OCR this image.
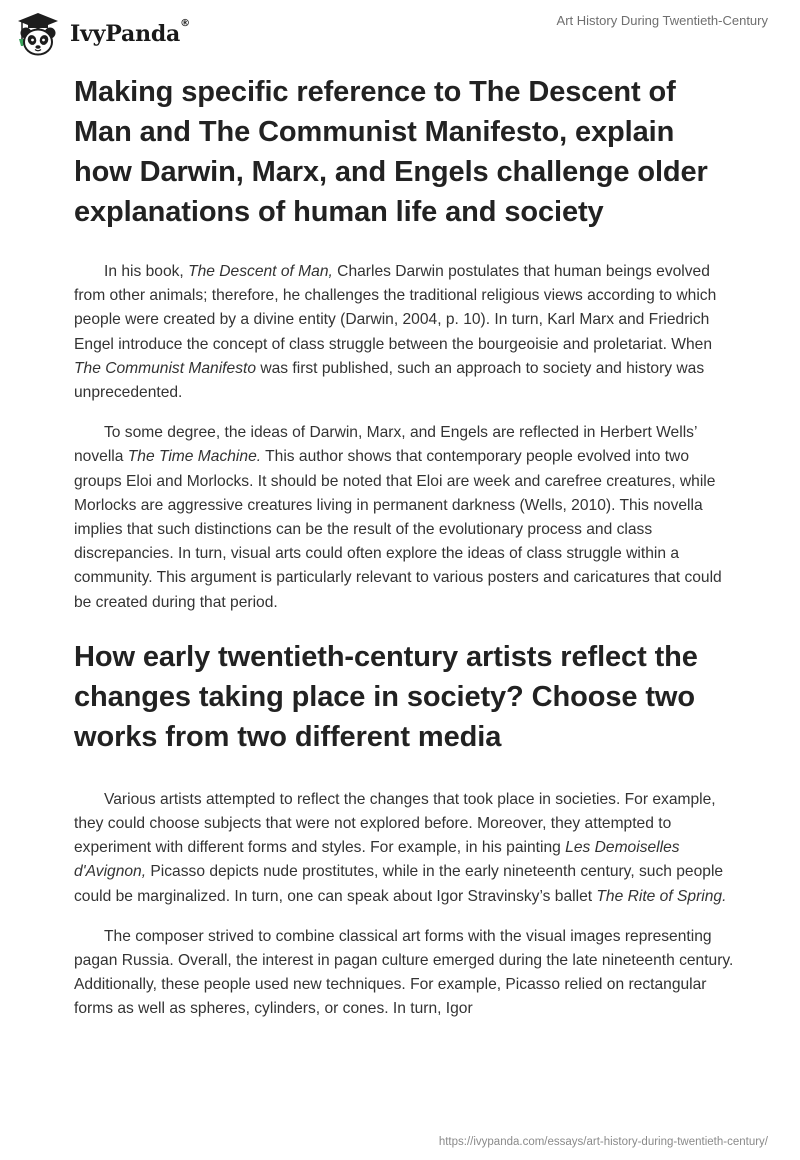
IvyPanda®	Art History During Twentieth-Century
Making specific reference to The Descent of Man and The Communist Manifesto, explain how Darwin, Marx, and Engels challenge older explanations of human life and society

In his book, The Descent of Man, Charles Darwin postulates that human beings evolved from other animals; therefore, he challenges the traditional religious views according to which people were created by a divine entity (Darwin, 2004, p. 10). In turn, Karl Marx and Friedrich Engel introduce the concept of class struggle between the bourgeoisie and proletariat. When The Communist Manifesto was first published, such an approach to society and history was unprecedented.

To some degree, the ideas of Darwin, Marx, and Engels are reflected in Herbert Wells’ novella The Time Machine. This author shows that contemporary people evolved into two groups Eloi and Morlocks. It should be noted that Eloi are week and carefree creatures, while Morlocks are aggressive creatures living in permanent darkness (Wells, 2010). This novella implies that such distinctions can be the result of the evolutionary process and class discrepancies. In turn, visual arts could often explore the ideas of class struggle within a community. This argument is particularly relevant to various posters and caricatures that could be created during that period.

How early twentieth-century artists reflect the changes taking place in society? Choose two works from two different media

Various artists attempted to reflect the changes that took place in societies. For example, they could choose subjects that were not explored before. Moreover, they attempted to experiment with different forms and styles. For example, in his painting Les Demoiselles d'Avignon, Picasso depicts nude prostitutes, while in the early nineteenth century, such people could be marginalized. In turn, one can speak about Igor Stravinsky’s ballet The Rite of Spring.

The composer strived to combine classical art forms with the visual images representing pagan Russia. Overall, the interest in pagan culture emerged during the late nineteenth century. Additionally, these people used new techniques. For example, Picasso relied on rectangular forms as well as spheres, cylinders, or cones. In turn, Igor

https://ivypanda.com/essays/art-history-during-twentieth-century/
